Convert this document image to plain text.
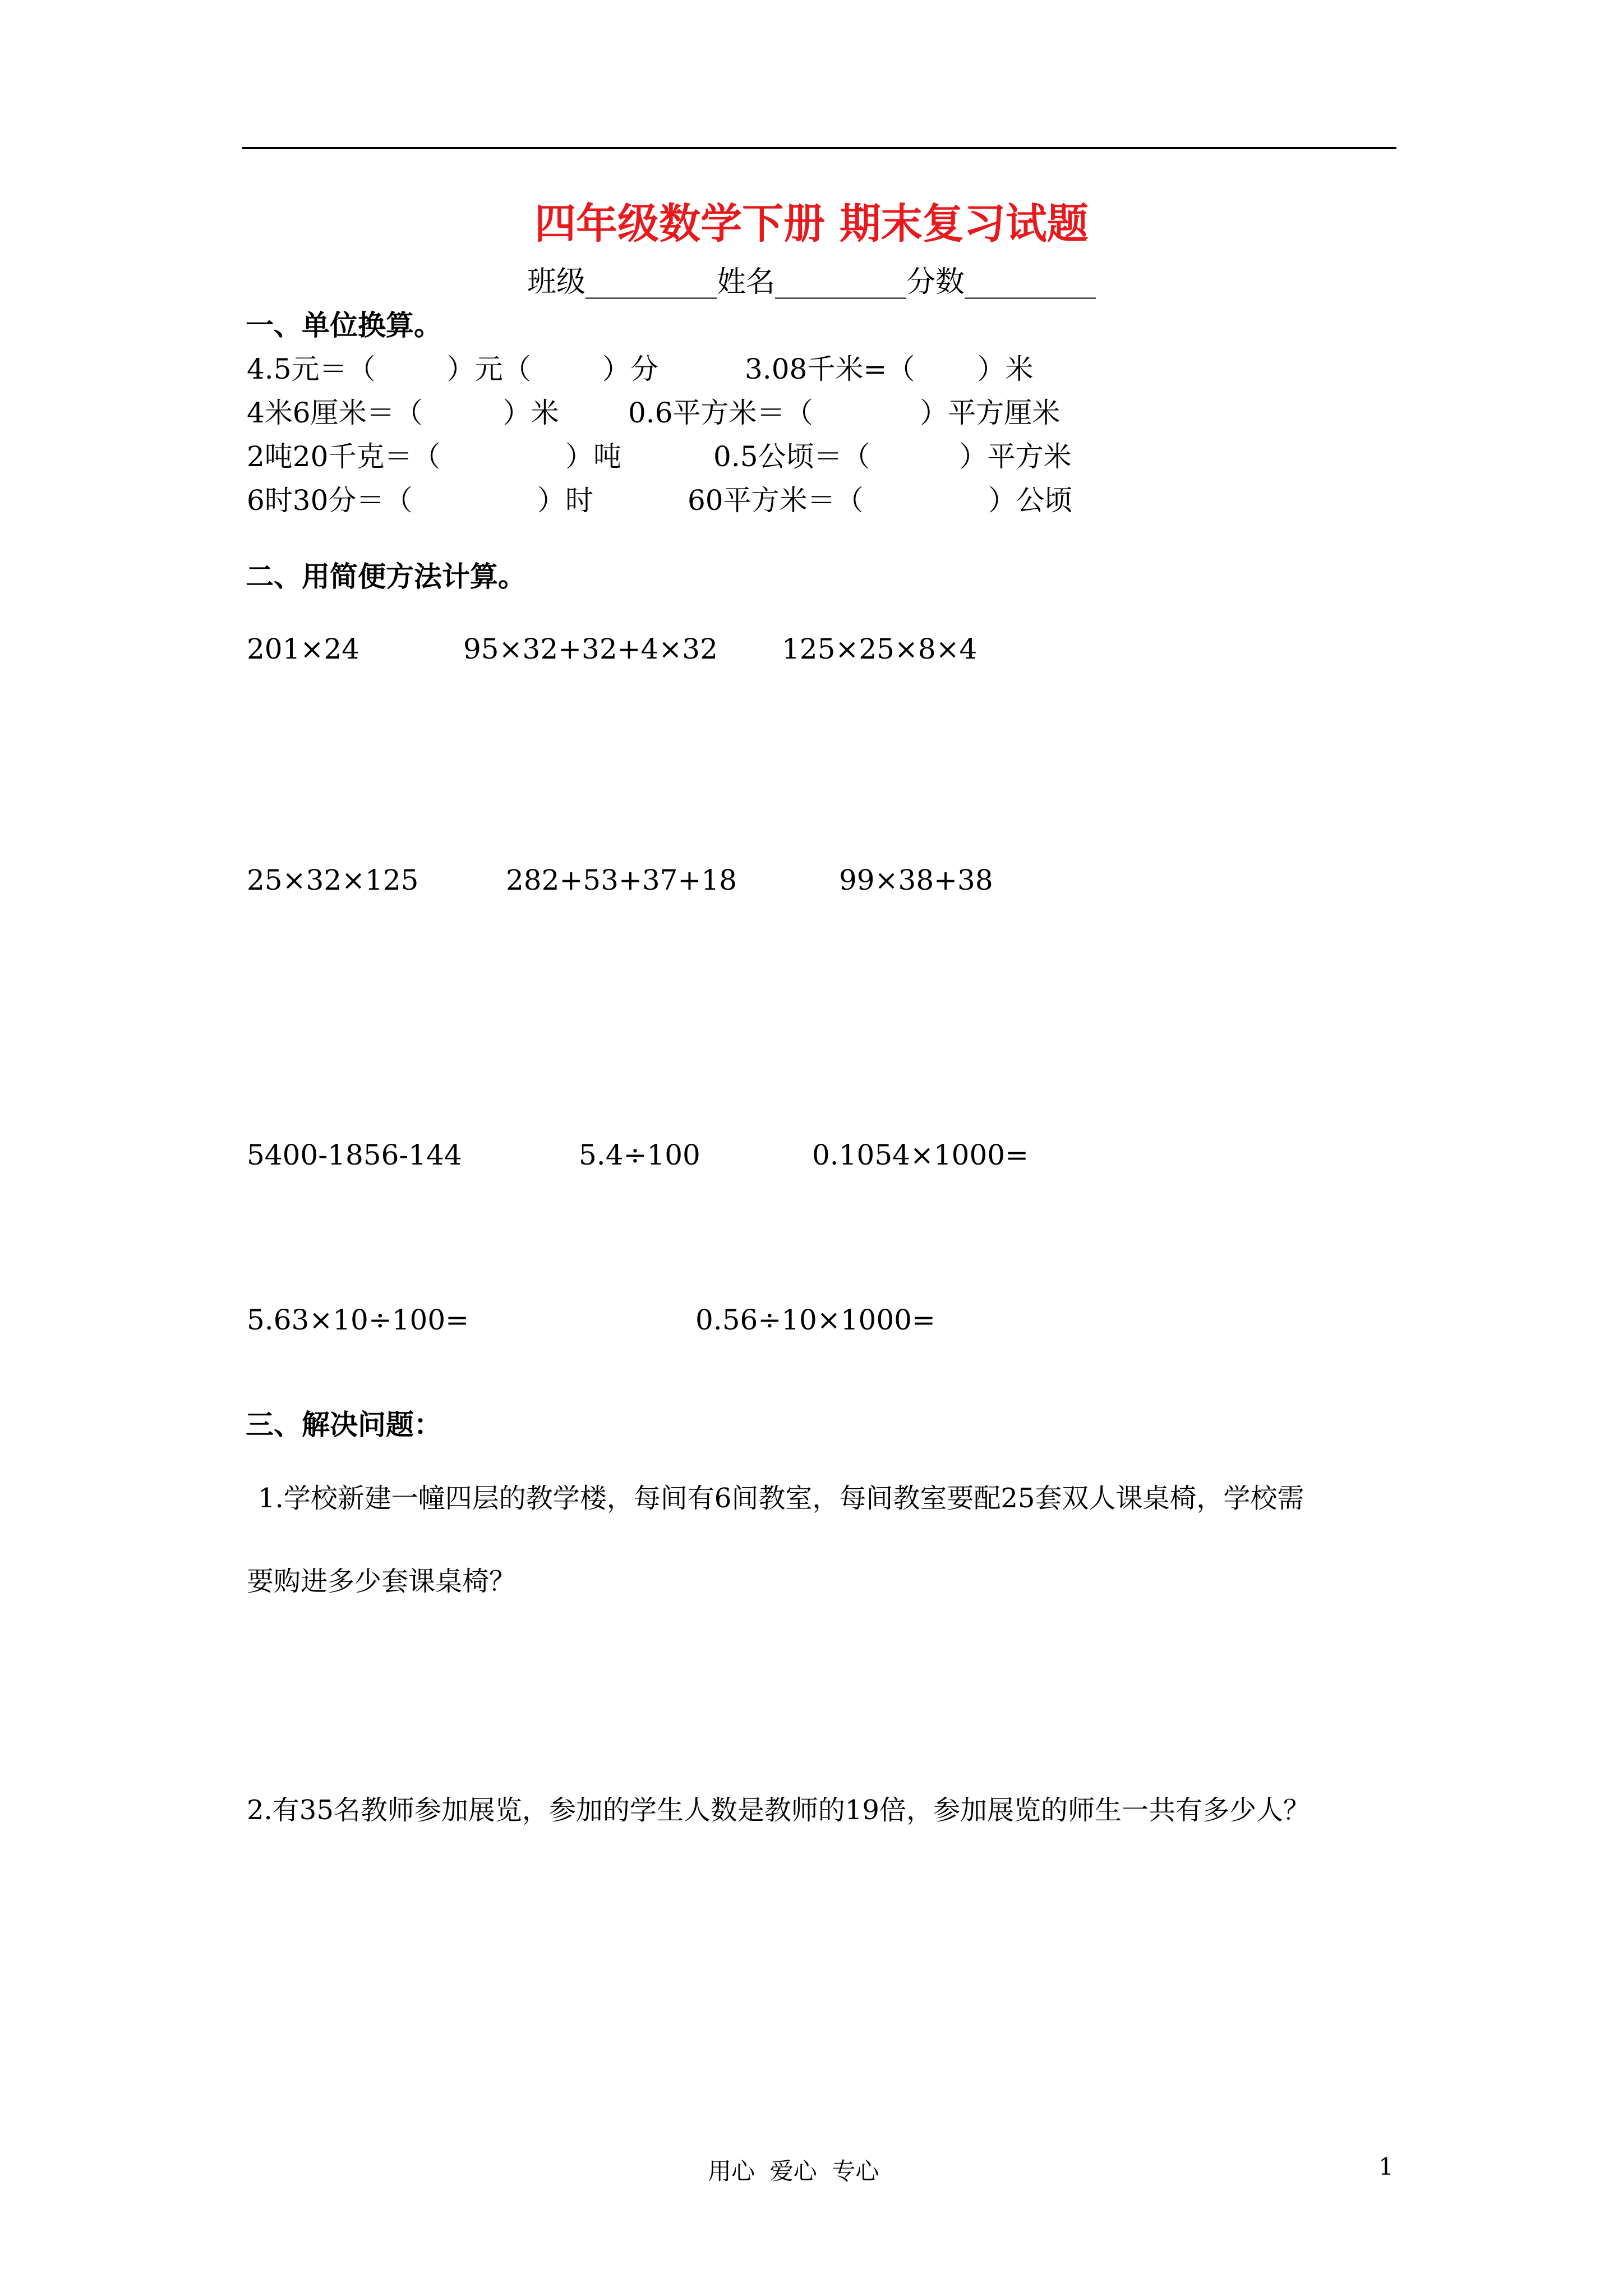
四年级数学下册 期末复习试题
班级_________姓名_________分数_________
一、单位换算。
4.5元＝（        ）元（        ）分	3.08千米=（       ）米
4米6厘米＝（         ）米 0.6平方米＝（            ）平方厘米
2吨20千克＝（              ）吨	0.5公顷＝（          ）平方米
6时30分＝（              ）时	60平方米＝（              ）公顷
二、用简便方法计算。
201×24	95×32+32+4×32 125×25×8×4
25×32×125	282+53+37+18	99×38+38
5400-1856-144	5.4÷100	0.1054×1000=
5.63×10÷100=	0.56÷10×1000=
三、解决问题：
1.学校新建一幢四层的教学楼，每间有6间教室，每间教室要配25套双人课桌椅，学校需
要购进多少套课桌椅？
2.有35名教师参加展览，参加的学生人数是教师的19倍，参加展览的师生一共有多少人？
用心  爱心  专心	1
